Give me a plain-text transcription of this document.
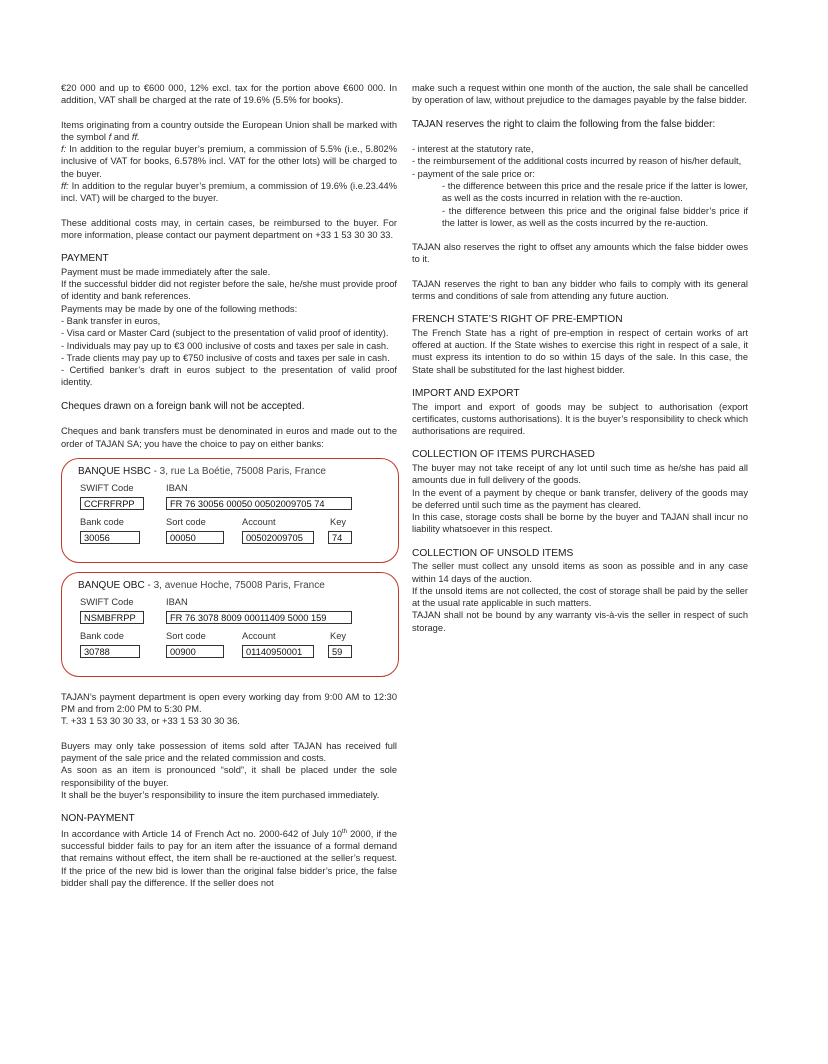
€20 000 and up to €600 000, 12% excl. tax for the portion above €600 000. In addition, VAT shall be charged at the rate of 19.6% (5.5% for books).

Items originating from a country outside the European Union shall be marked with the symbol f and ff.

f: In addition to the regular buyer’s premium, a commission of 5.5% (i.e., 5.802% inclusive of VAT for books, 6.578% incl. VAT for the other lots) will be charged to the buyer.

ff: In addition to the regular buyer’s premium, a commission of 19.6% (i.e.23.44% incl. VAT) will be charged to the buyer.

These additional costs may, in certain cases, be reimbursed to the buyer. For more information, please contact our payment department on +33 1 53 30 30 33.

PAYMENT

Payment must be made immediately after the sale.

If the successful bidder did not register before the sale, he/she must provide proof of identity and bank references.

Payments may be made by one of the following methods:

- Bank transfer in euros,

- Visa card or Master Card (subject to the presentation of valid proof of identity).

- Individuals may pay up to €3 000 inclusive of costs and taxes per sale in cash.

- Trade clients may pay up to €750 inclusive of costs and taxes per sale in cash.

- Certified banker’s draft in euros subject to the presentation of valid proof identity.

Cheques drawn on a foreign bank will not be accepted.

Cheques and bank transfers must be denominated in euros and made out to the order of TAJAN SA; you have the choice to pay on either banks:

BANQUE HSBC - 3, rue La Boétie, 75008 Paris, France
SWIFT Code	IBAN
CCFRFRPP	FR 76 30056 00050 00502009705 74
Bank code	Sort code	Account	Key
30056	00050	00502009705	74
BANQUE OBC - 3, avenue Hoche, 75008 Paris, France
SWIFT Code	IBAN
NSMBFRPP	FR 76 3078 8009 00011409 5000 159
Bank code	Sort code	Account	Key
30788	00900	01140950001	59

TAJAN’s payment department is open every working day from 9:00 AM to 12:30 PM and from 2:00 PM to 5:30 PM.

T. +33 1 53 30 30 33, or +33 1 53 30 30 36.

Buyers may only take possession of items sold after TAJAN has received full payment of the sale price and the related commission and costs.

As soon as an item is pronounced “sold”, it shall be placed under the sole responsibility of the buyer.

It shall be the buyer’s responsibility to insure the item purchased immediately.

NON-PAYMENT

In accordance with Article 14 of French Act no. 2000-642 of July 10th 2000, if the successful bidder fails to pay for an item after the issuance of a formal demand that remains without effect, the item shall be re-auctioned at the seller’s request. If the price of the new bid is lower than the original false bidder’s price, the false bidder shall pay the difference. If the seller does not

make such a request within one month of the auction, the sale shall be cancelled by operation of law, without prejudice to the damages payable by the false bidder.

TAJAN reserves the right to claim the following from the false bidder:

- interest at the statutory rate,

- the reimbursement of the additional costs incurred by reason of his/her default,

- payment of the sale price or:

- the difference between this price and the resale price if the latter is lower, as well as the costs incurred in relation with the re-auction.

- the difference between this price and the original false bidder’s price if the latter is lower, as well as the costs incurred by the re-auction.

TAJAN also reserves the right to offset any amounts which the false bidder owes to it.

TAJAN reserves the right to ban any bidder who fails to comply with its general terms and conditions of sale from attending any future auction.

FRENCH STATE’S RIGHT OF PRE-EMPTION

The French State has a right of pre-emption in respect of certain works of art offered at auction. If the State wishes to exercise this right in respect of a sale, it must express its intention to do so within 15 days of the sale. In this case, the State shall be substituted for the last highest bidder.

IMPORT AND EXPORT

The import and export of goods may be subject to authorisation (export certificates, customs authorisations). It is the buyer’s responsibility to check which authorisations are required.

COLLECTION OF ITEMS PURCHASED

The buyer may not take receipt of any lot until such time as he/she has paid all amounts due in full delivery of the goods.

In the event of a payment by cheque or bank transfer, delivery of the goods may be deferred until such time as the payment has cleared.

In this case, storage costs shall be borne by the buyer and TAJAN shall incur no liability whatsoever in this respect.

COLLECTION OF UNSOLD ITEMS

The seller must collect any unsold items as soon as possible and in any case within 14 days of the auction.

If the unsold items are not collected, the cost of storage shall be paid by the seller at the usual rate applicable in such matters.

TAJAN shall not be bound by any warranty vis-à-vis the seller in respect of such storage.
